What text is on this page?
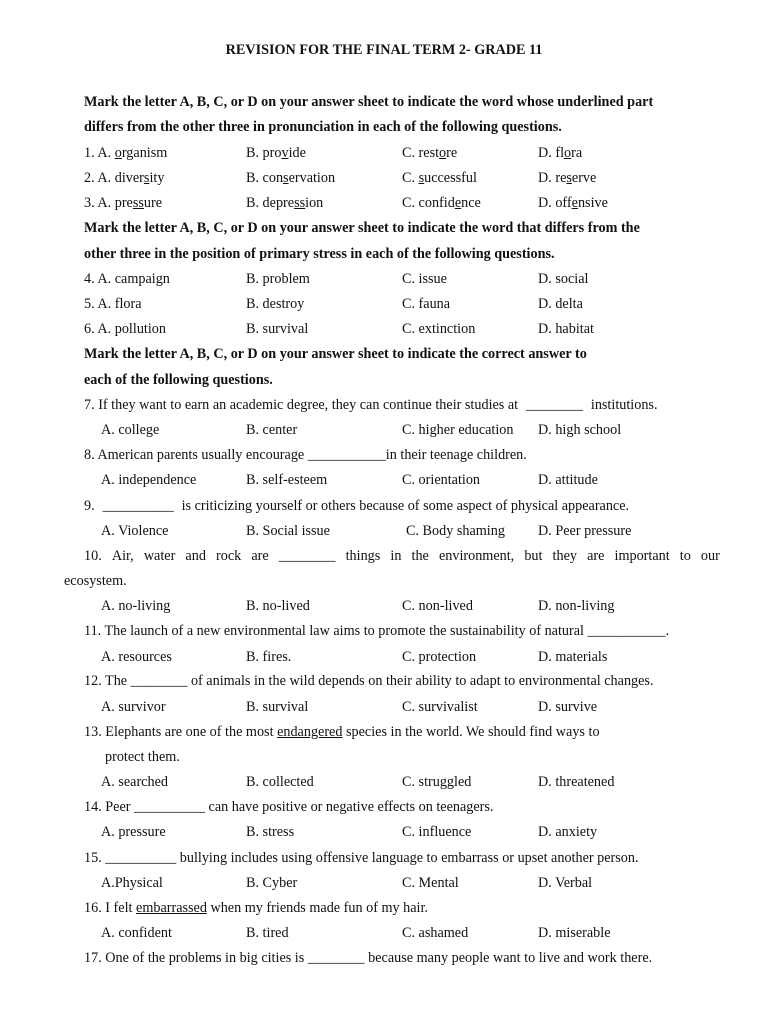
REVISION FOR THE FINAL TERM 2- GRADE 11
Mark the letter A, B, C, or D on your answer sheet to indicate the word whose underlined part
differs from the other three in pronunciation in each of the following questions.
1. A. organism	B. provide	C. restore	D. flora
2. A. diversity	B. conservation	C. successful	D. reserve
3. A. pressure	B. depression	C. confidence	D. offensive
Mark the letter A, B, C, or D on your answer sheet to indicate the word that differs from the
other three in the position of primary stress in each of the following questions.
4. A. campaign	B. problem	C. issue	D. social
5. A. flora	B. destroy	C. fauna	D. delta
6. A. pollution	B. survival	C. extinction	D. habitat
Mark the letter A, B, C, or D on your answer sheet to indicate the correct answer to
each of the following questions.
7. If they want to earn an academic degree, they can continue their studies at ________ institutions.
A. college	B. center	C. higher education D. high school
8. American parents usually encourage ___________in their teenage children.
A. independence	B. self-esteem	C. orientation	D. attitude
9. __________ is criticizing yourself or others because of some aspect of physical appearance.
A. Violence	B. Social issue	C. Body shaming D. Peer pressure
10. Air, water and rock are ________ things in the environment, but they are important to our
ecosystem.
A. no-living	B. no-lived	C. non-lived	D. non-living
11. The launch of a new environmental law aims to promote the sustainability of natural ___________.
A. resources	B. fires.	C. protection	D. materials
12. The ________ of animals in the wild depends on their ability to adapt to environmental changes.
A. survivor	B. survival	C. survivalist	D. survive
13. Elephants are one of the most endangered species in the world. We should find ways to
protect them.
A. searched	B. collected	C. struggled	D. threatened
14. Peer __________ can have positive or negative effects on teenagers.
A. pressure	B. stress	C. influence	D. anxiety
15. __________ bullying includes using offensive language to embarrass or upset another person.
A.Physical	B. Cyber	C. Mental	D. Verbal
16. I felt embarrassed when my friends made fun of my hair.
A. confident	B. tired	C. ashamed	D. miserable
17. One of the problems in big cities is ________ because many people want to live and work there.
